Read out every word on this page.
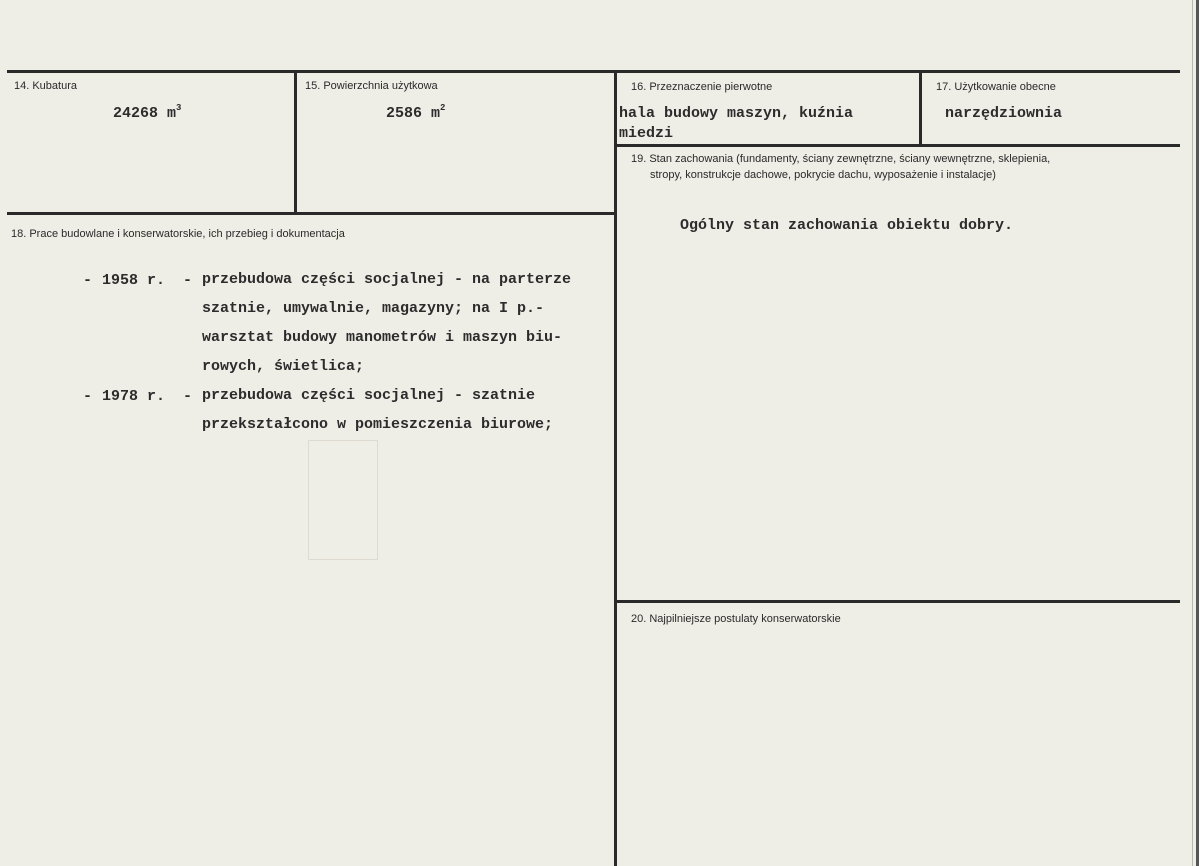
14. Kubatura
24268 $m^3$
15. Powierzchnia użytkowa
2586 $m^2$
16. Przeznaczenie pierwotne
hala budowy maszyn, kuźnia
miedzi
17. Użytkowanie obecne
narzędziownia
19. Stan zachowania (fundamenty, ściany zewnętrzne, ściany wewnętrzne, sklepienia,
stropy, konstrukcje dachowe, pokrycie dachu, wyposażenie i instalacje)
Ogólny stan zachowania obiektu dobry.
18. Prace budowlane i konserwatorskie, ich przebieg i dokumentacja
- 1958 r. - przebudowa części socjalnej - na parterze
szatnie, umywalnie, magazyny; na I p.-
warsztat budowy manometrów i maszyn biu-
rowych, świetlica;
- 1978 r. - przebudowa części socjalnej - szatnie
przekształcono w pomieszczenia biurowe;
20. Najpilniejsze postulaty konserwatorskie
